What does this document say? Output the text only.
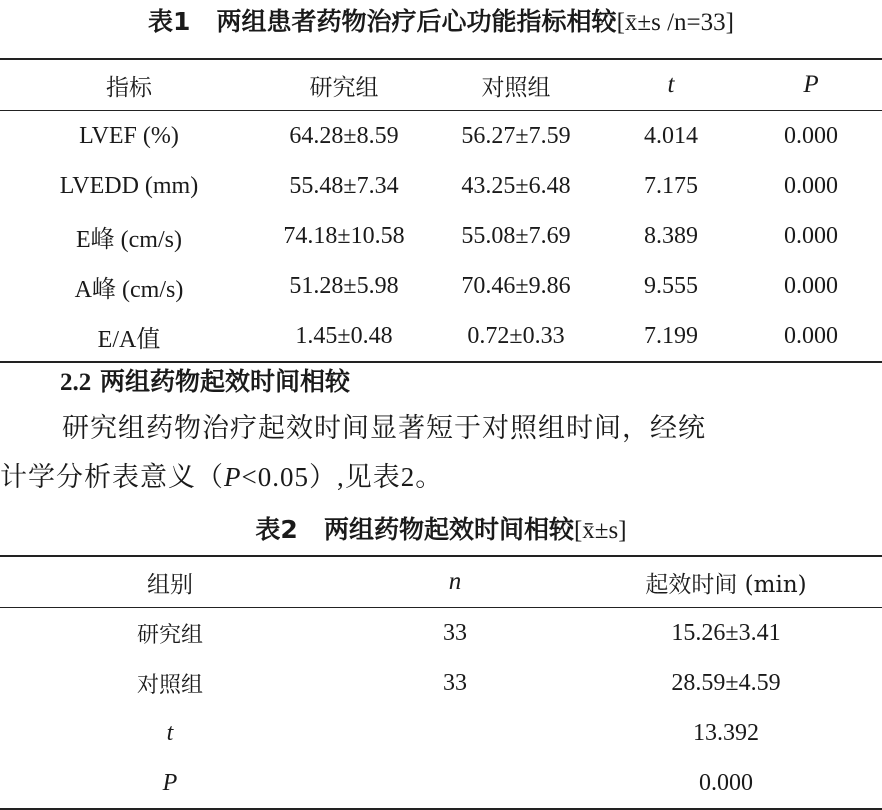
表1 两组患者药物治疗后心功能指标相较[x̄±s /n=33]
指标	研究组	对照组	t	P
LVEF (%)	64.28±8.59	56.27±7.59	4.014	0.000
LVEDD (mm)	55.48±7.34	43.25±6.48	7.175	0.000
E峰 (cm/s)	74.18±10.58	55.08±7.69	8.389	0.000
A峰 (cm/s)	51.28±5.98	70.46±9.86	9.555	0.000
E/A值	1.45±0.48	0.72±0.33	7.199	0.000
2.2 两组药物起效时间相较
研究组药物治疗起效时间显著短于对照组时间，经统
计学分析表意义（P<0.05）,见表2。
表2 两组药物起效时间相较[x̄±s]
组别	n	起效时间 (min)
研究组	33	15.26±3.41
对照组	33	28.59±4.59
t		13.392
P		0.000
